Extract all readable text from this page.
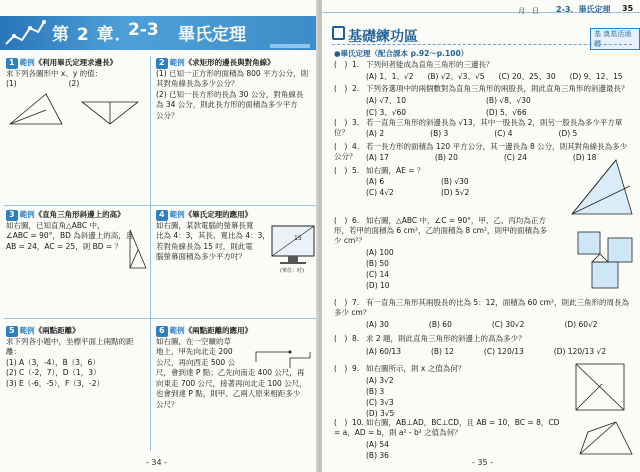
第 2 章．
2-3 畢氏定理
1 範例《利用畢氏定理求邊長》
求下列各圖形中 x、y 的值：
(1)	(2)
2 範例《求矩形的邊長與對角線》
(1) 已知一正方形的面積為 800 平方公分，則
其對角線長為多少公分？
(2) 已知一長方形的長為 30 公分，對角線長
為 34 公分，則此長方形的面積為多少平方
公分？
3 範例《直角三角形斜邊上的高》
如右圖，已知直角△ABC 中，
∠ABC = 90°，BD 為斜邊上的高，且
AB = 24，AC = 25，則 BD = ？
4 範例《畢氏定理的應用》
如右圖，某款電腦的螢幕長寬
比為 4：3，其長、寬比為 4：3，
若對角線長為 15 吋，則此電
腦螢幕面積為多少平方吋？
15
(單位：吋)
5 範例《兩點距離》
求下列各小題中，坐標平面上兩點的距離：
(1) A（3，-4），B（3，6）
(2) C（-2，7），D（1，3）
(3) E（-6，-5），F（3，-2）
6 範例《兩點距離的應用》
如右圖，在一空曠的草
地上，甲先向北走 200
公尺，再向西走 500 公
尺，會到達 P 點；乙先向南走 400 公尺，再
向東走 700 公尺，接著再向北走 100 公尺，
也會到達 P 點，則甲、乙兩人原來相距多少
公尺？
- 34 -
月　日 2-3．畢氏定理 35
基礎練功區	基 奠基活通體
●畢氏定理（配合課本 p.92～p.100）
(　) 1. 下列何者能成為直角三角形的三邊長？
(A) 1、1、√2 (B) √2、√3、√5 (C) 20、25、30 (D) 9、12、15
(　) 2. 下列各選項中的兩個數對為直角三角形的兩股長，則此直角三角形的斜邊最長？
(A) √7、10	(B) √8、√30
(C) 3、√60	(D) 5、√66
(　) 3. 若一直角三角形的斜邊長為 √13，其中一股長為 2，則另一股長為多少平方單位？	(A) 2	(B) 3	(C) 4	(D) 5
(　) 4. 若一長方形的面積為 120 平方公分，其一邊長為 8 公分，則其對角線長為多少公分？	(A) 17	(B) 20	(C) 24	(D) 18
(　) 5. 如右圖，AE = ？
(A) 6	(B) √30
(C) 4√2	(D) 5√2
(　) 6. 如右圖，△ABC 中，∠C = 90°，甲、乙、丙均為正方形，若甲的面積為 6 cm²，乙的面積為 8 cm²，則甲的面積為多少 cm²？
(A) 100
(B) 50
(C) 14
(D) 10
(　) 7. 有一直角三角形其兩股長的比為 5：12，面積為 60 cm²，則此三角形的周長為多少 cm？
(A) 30	(B) 60	(C) 30√2	(D) 60√2
(　) 8. 求 2 題，則此直角三角形的斜邊上的高為多少？
(A) 60/13	(B) 12	(C) 120/13	(D) 120/13 √2
(　) 9. 如右圖所示，則 x 之值為何？
(A) 3√2
(B) 3
(C) 3√3
(D) 3√5
(　) 10. 如右圖，AB⊥AD，BC⊥CD，且 AB = 10，BC = 8，CD = a，AD = b，則 a² - b² 之值為何？
(A) 54
(B) 36
- 35 -
